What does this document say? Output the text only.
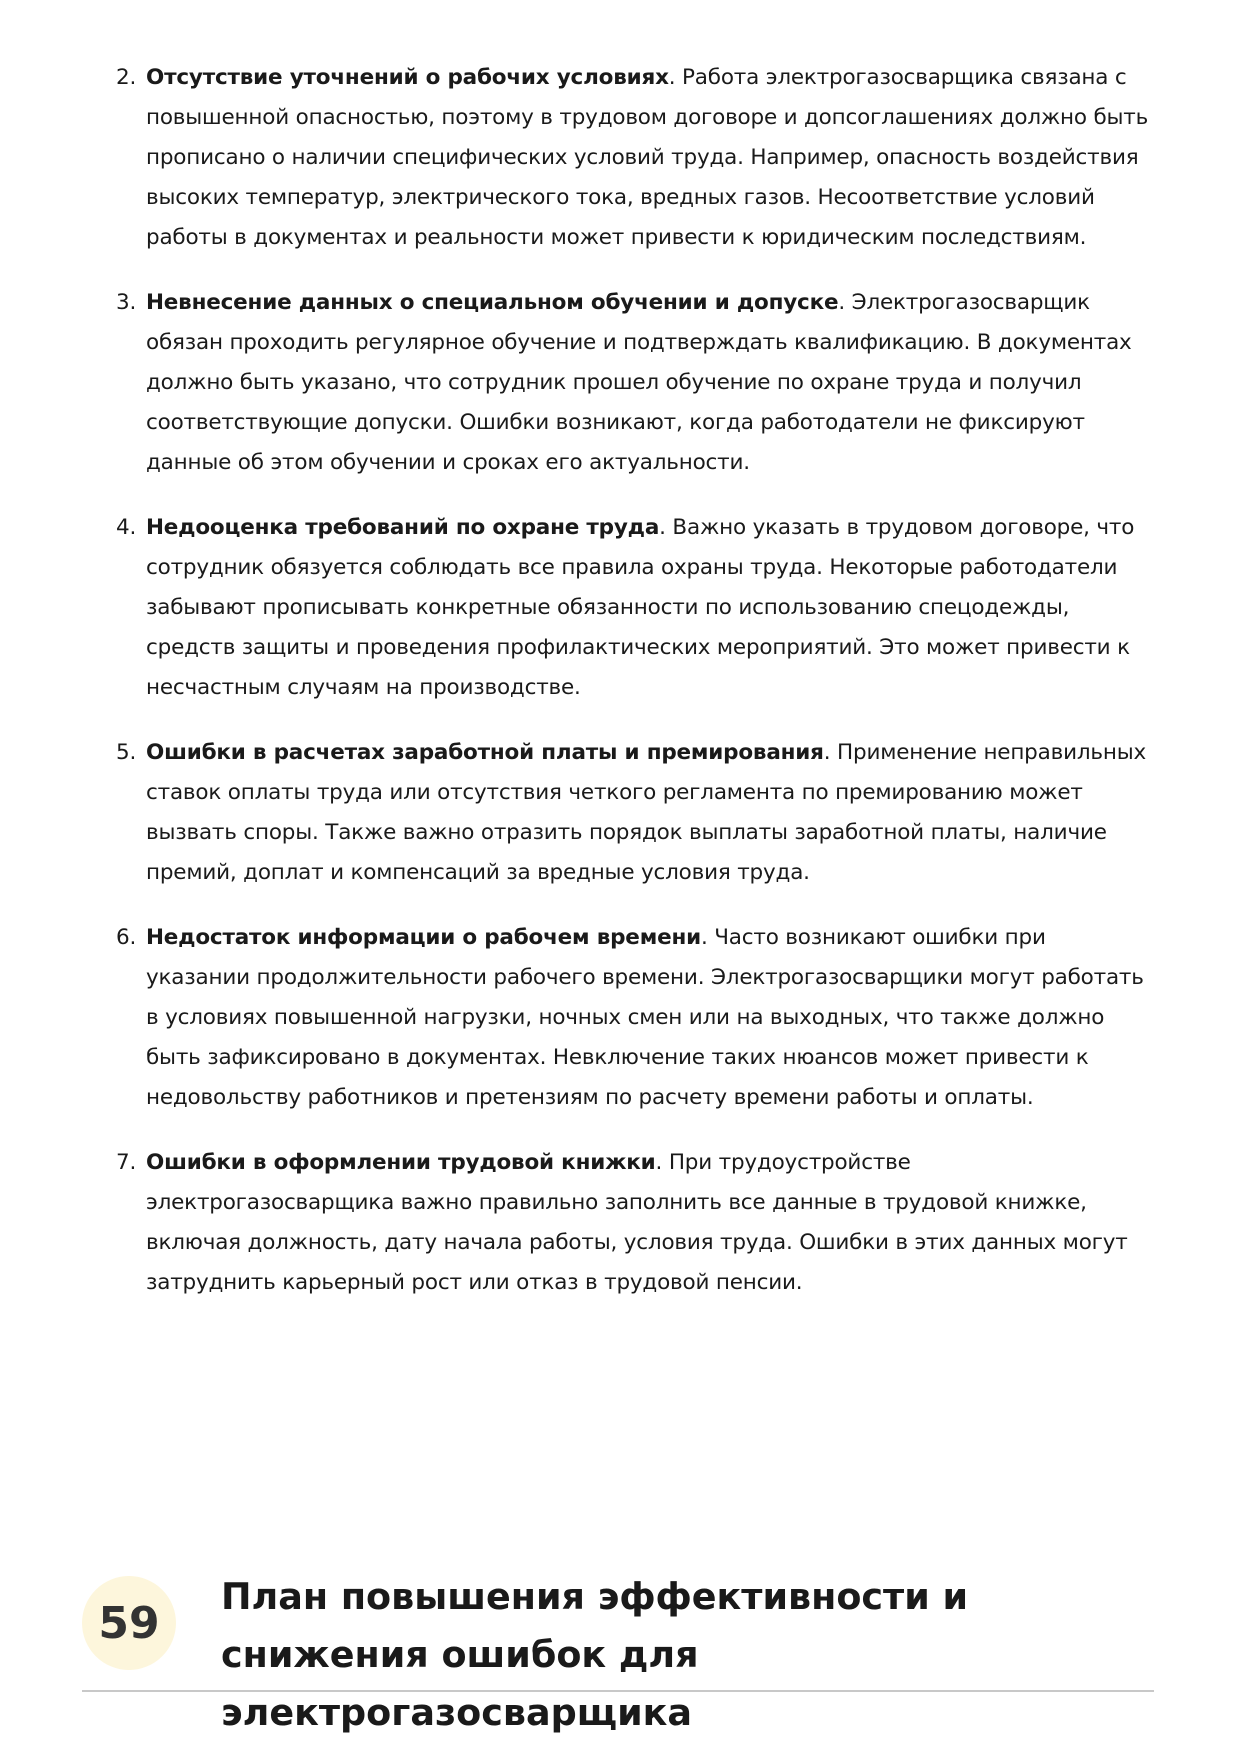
2. Отсутствие уточнений о рабочих условиях. Работа электрогазосварщика связана с повышенной опасностью, поэтому в трудовом договоре и допсоглашениях должно быть прописано о наличии специфических условий труда. Например, опасность воздействия высоких температур, электрического тока, вредных газов. Несоответствие условий работы в документах и реальности может привести к юридическим последствиям.
3. Невнесение данных о специальном обучении и допуске. Электрогазосварщик обязан проходить регулярное обучение и подтверждать квалификацию. В документах должно быть указано, что сотрудник прошел обучение по охране труда и получил соответствующие допуски. Ошибки возникают, когда работодатели не фиксируют данные об этом обучении и сроках его актуальности.
4. Недооценка требований по охране труда. Важно указать в трудовом договоре, что сотрудник обязуется соблюдать все правила охраны труда. Некоторые работодатели забывают прописывать конкретные обязанности по использованию спецодежды, средств защиты и проведения профилактических мероприятий. Это может привести к несчастным случаям на производстве.
5. Ошибки в расчетах заработной платы и премирования. Применение неправильных ставок оплаты труда или отсутствия четкого регламента по премированию может вызвать споры. Также важно отразить порядок выплаты заработной платы, наличие премий, доплат и компенсаций за вредные условия труда.
6. Недостаток информации о рабочем времени. Часто возникают ошибки при указании продолжительности рабочего времени. Электрогазосварщики могут работать в условиях повышенной нагрузки, ночных смен или на выходных, что также должно быть зафиксировано в документах. Невключение таких нюансов может привести к недовольству работников и претензиям по расчету времени работы и оплаты.
7. Ошибки в оформлении трудовой книжки. При трудоустройстве электрогазосварщика важно правильно заполнить все данные в трудовой книжке, включая должность, дату начала работы, условия труда. Ошибки в этих данных могут затруднить карьерный рост или отказ в трудовой пенсии.
59
План повышения эффективности и снижения ошибок для электрогазосварщика
